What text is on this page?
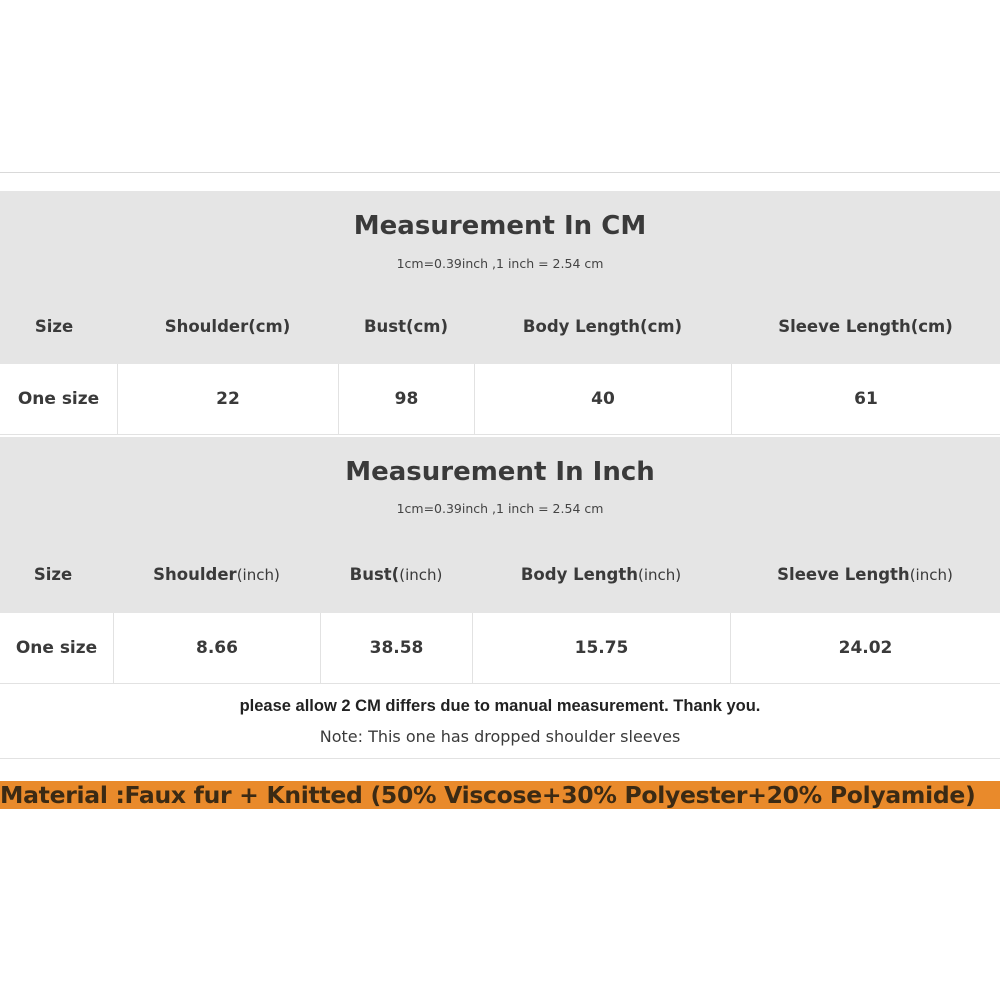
Measurement In CM
1cm=0.39inch ,1 inch = 2.54 cm
Size	Shoulder(cm)	Bust(cm)	Body Length(cm)	Sleeve Length(cm)
One size	22	98	40	61
Measurement In Inch
1cm=0.39inch ,1 inch = 2.54 cm
Size	Shoulder(inch)	Bust((inch)	Body Length(inch)	Sleeve Length(inch)
One size	8.66	38.58	15.75	24.02
please allow 2 CM differs due to manual measurement. Thank you.
Note: This one has dropped shoulder sleeves
Material :Faux fur + Knitted (50% Viscose+30% Polyester+20% Polyamide)
